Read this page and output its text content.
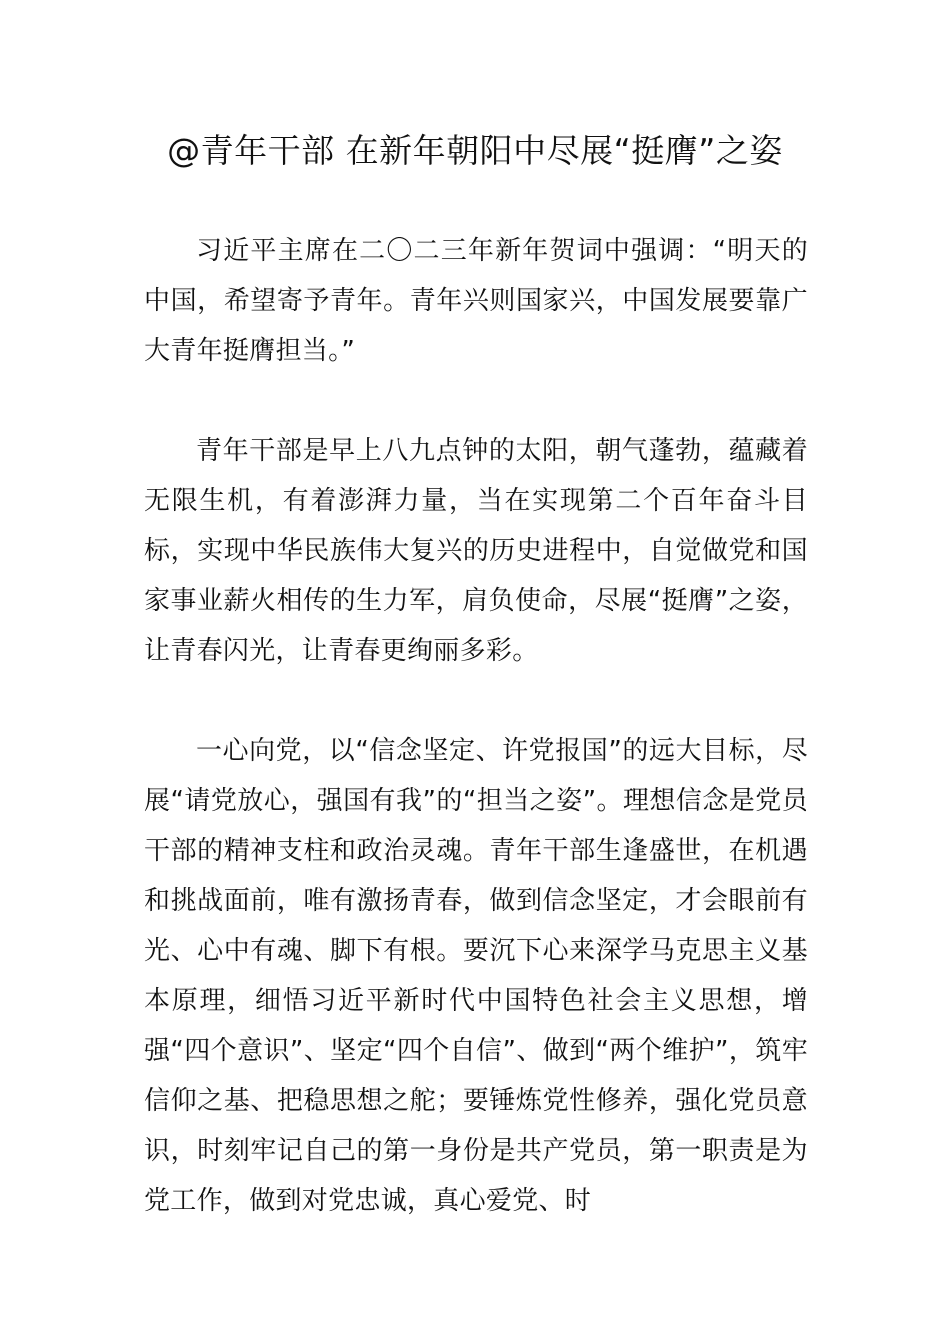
@青年干部 在新年朝阳中尽展“挺膺”之姿

习近平主席在二〇二三年新年贺词中强调：“明天的中国，希望寄予青年。青年兴则国家兴，中国发展要靠广大青年挺膺担当。”

青年干部是早上八九点钟的太阳，朝气蓬勃，蕴藏着无限生机，有着澎湃力量，当在实现第二个百年奋斗目标，实现中华民族伟大复兴的历史进程中，自觉做党和国家事业薪火相传的生力军，肩负使命，尽展“挺膺”之姿，让青春闪光，让青春更绚丽多彩。

一心向党，以“信念坚定、许党报国”的远大目标，尽展“请党放心，强国有我”的“担当之姿”。理想信念是党员干部的精神支柱和政治灵魂。青年干部生逢盛世，在机遇和挑战面前，唯有激扬青春，做到信念坚定，才会眼前有光、心中有魂、脚下有根。要沉下心来深学马克思主义基本原理，细悟习近平新时代中国特色社会主义思想，增强“四个意识”、坚定“四个自信”、做到“两个维护”，筑牢信仰之基、把稳思想之舵；要锤炼党性修养，强化党员意识，时刻牢记自己的第一身份是共产党员，第一职责是为党工作，做到对党忠诚，真心爱党、时
